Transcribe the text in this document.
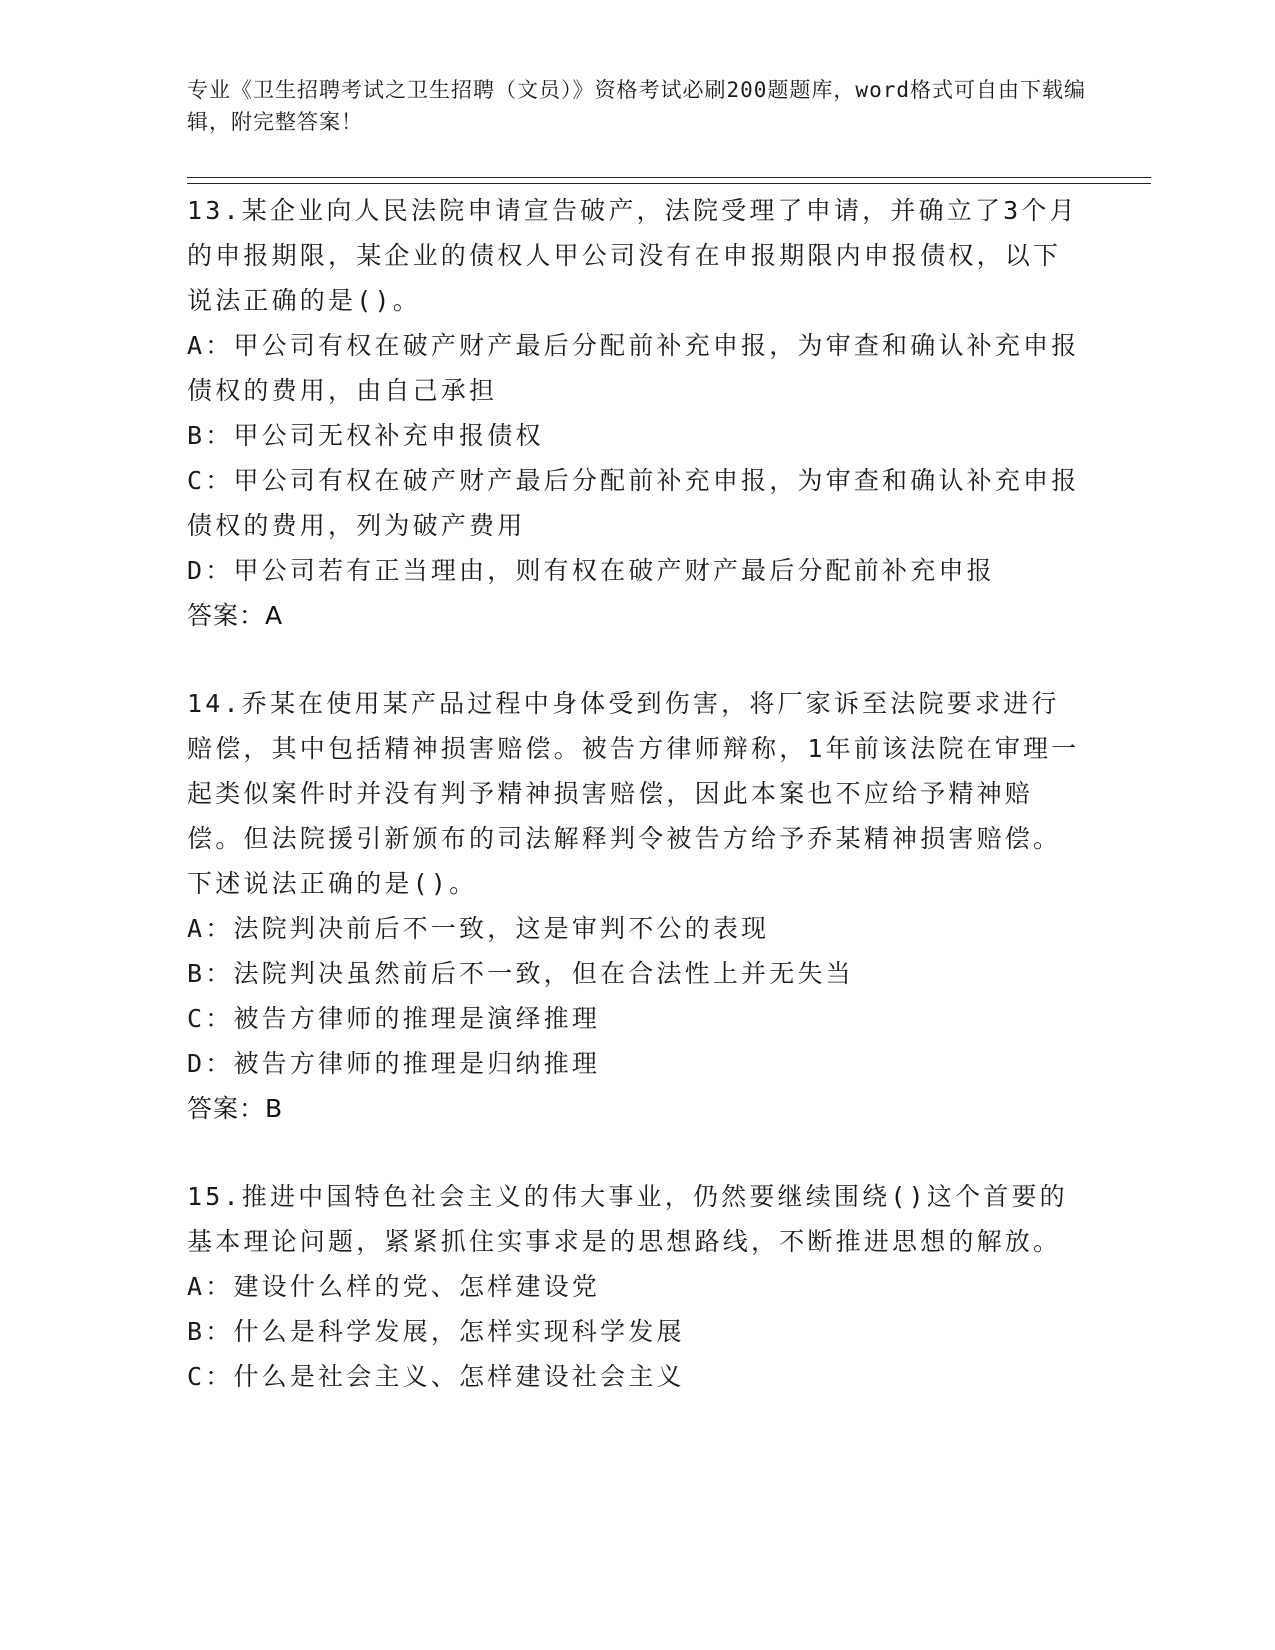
专业《卫生招聘考试之卫生招聘（文员）》资格考试必刷200题题库，word格式可自由下载编辑，附完整答案！

13.某企业向人民法院申请宣告破产，法院受理了申请，并确立了3个月的申报期限，某企业的债权人甲公司没有在申报期限内申报债权，以下说法正确的是()。

A：甲公司有权在破产财产最后分配前补充申报，为审查和确认补充申报债权的费用，由自己承担

B：甲公司无权补充申报债权

C：甲公司有权在破产财产最后分配前补充申报，为审查和确认补充申报债权的费用，列为破产费用

D：甲公司若有正当理由，则有权在破产财产最后分配前补充申报

答案：A

14.乔某在使用某产品过程中身体受到伤害，将厂家诉至法院要求进行赔偿，其中包括精神损害赔偿。被告方律师辩称，1年前该法院在审理一起类似案件时并没有判予精神损害赔偿，因此本案也不应给予精神赔偿。但法院援引新颁布的司法解释判令被告方给予乔某精神损害赔偿。下述说法正确的是()。

A：法院判决前后不一致，这是审判不公的表现

B：法院判决虽然前后不一致，但在合法性上并无失当

C：被告方律师的推理是演绎推理

D：被告方律师的推理是归纳推理

答案：B

15.推进中国特色社会主义的伟大事业，仍然要继续围绕()这个首要的基本理论问题，紧紧抓住实事求是的思想路线，不断推进思想的解放。

A：建设什么样的党、怎样建设党

B：什么是科学发展，怎样实现科学发展

C：什么是社会主义、怎样建设社会主义
